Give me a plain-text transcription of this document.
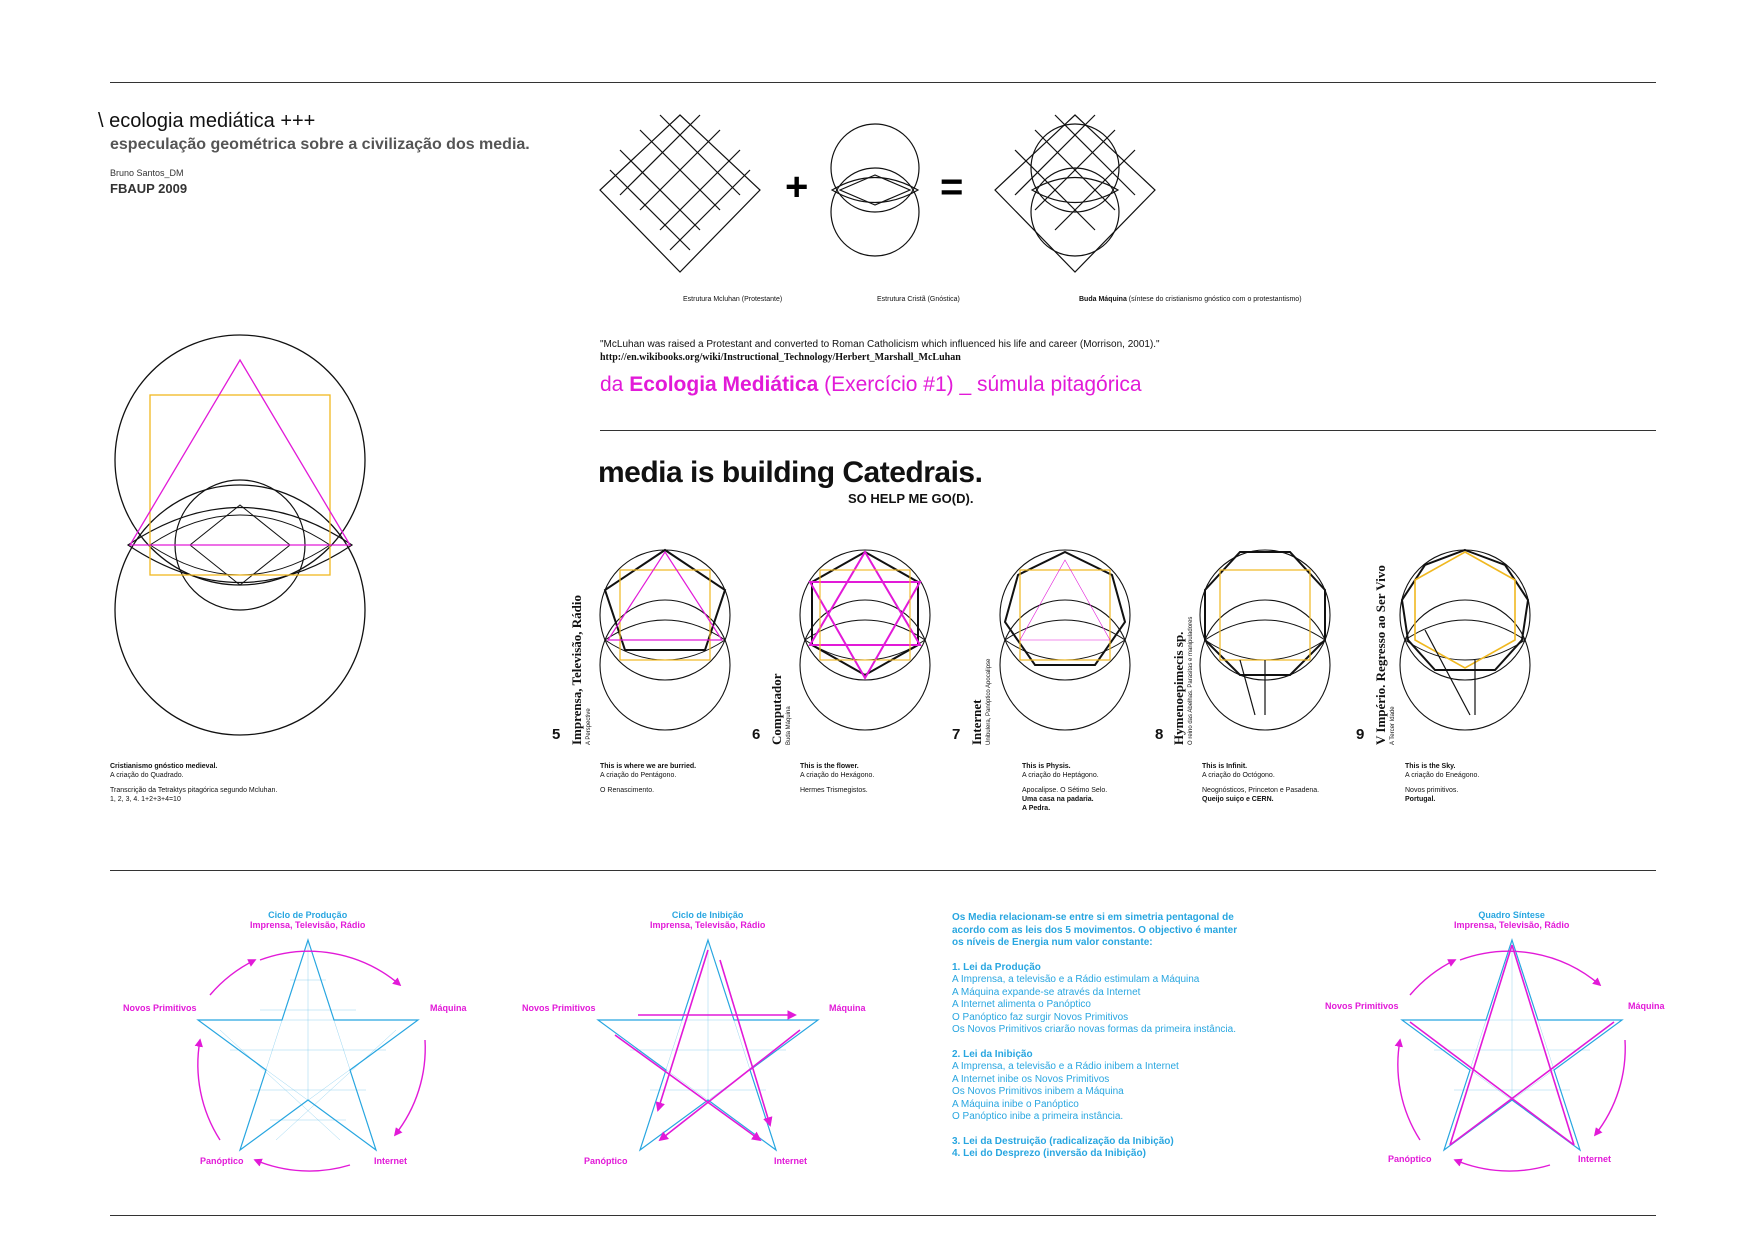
\ ecologia mediática +++
especulação geométrica sobre a civilização dos media.
Bruno Santos_DM
FBAUP 2009	+	=
Estrutura Mcluhan (Protestante)	Estrutura Cristã (Gnóstica)	Buda Máquina (síntese do cristianismo gnóstico com o protestantismo)
"McLuhan was raised a Protestant and converted to Roman Catholicism which influenced his life and career (Morrison, 2001)."
http://en.wikibooks.org/wiki/Instructional_Technology/Herbert_Marshall_McLuhan
da Ecologia Mediática (Exercício #1) _ súmula pitagórica
media is building Catedrais.
SO HELP ME GO(D).
Cristianismo gnóstico medieval.
A criação do Quadrado.
Transcrição da Tetraktys pitagórica segundo Mcluhan.
1, 2, 3, 4. 1+2+3+4=10
5 Imprensa, Televisão, Rádio A Perspective
This is where we are burried.
A criação do Pentágono.
O Renascimento.
6 Computador Buda Máquina
This is the flower.
A criação do Hexágono.
Hermes Trismegistos.
7 Internet Unibulera, Panóptico Apocalipse
This is Physis.
A criação do Heptágono.
Apocalipse. O Sétimo Selo.
Uma casa na padaria.
A Pedra.
8 Hymenoepimecis sp. O reino das Abelhas. Parasitas e manipuladores
This is Infinit.
A criação do Octógono.
Neognósticos, Princeton e Pasadena.
Queijo suiço e CERN.
9 V Império. Regresso ao Ser Vivo A Tercer Idade
This is the Sky.
A criação do Eneágono.
Novos primitivos.
Portugal.
Ciclo de Produção
Imprensa, Televisão, Rádio
Novos Primitivos	Máquina
Panóptico	Internet
Ciclo de Inibição
Imprensa, Televisão, Rádio
Novos Primitivos	Máquina
Panóptico	Internet
Quadro Síntese
Imprensa, Televisão, Rádio
Novos Primitivos	Máquina
Panóptico	Internet
Os Media relacionam-se entre si em simetria pentagonal de
acordo com as leis dos 5 movimentos. O objectivo é manter
os níveis de Energia num valor constante:
1. Lei da Produção
A Imprensa, a televisão e a Rádio estimulam a Máquina
A Máquina expande-se através da Internet
A Internet alimenta o Panóptico
O Panóptico faz surgir Novos Primitivos
Os Novos Primitivos criarão novas formas da primeira instância.
2. Lei da Inibição
A Imprensa, a televisão e a Rádio inibem a Internet
A Internet inibe os Novos Primitivos
Os Novos Primitivos inibem a Máquina
A Máquina inibe o Panóptico
O Panóptico inibe a primeira instância.
3. Lei da Destruição (radicalização da Inibição)
4. Lei do Desprezo (inversão da Inibição)
